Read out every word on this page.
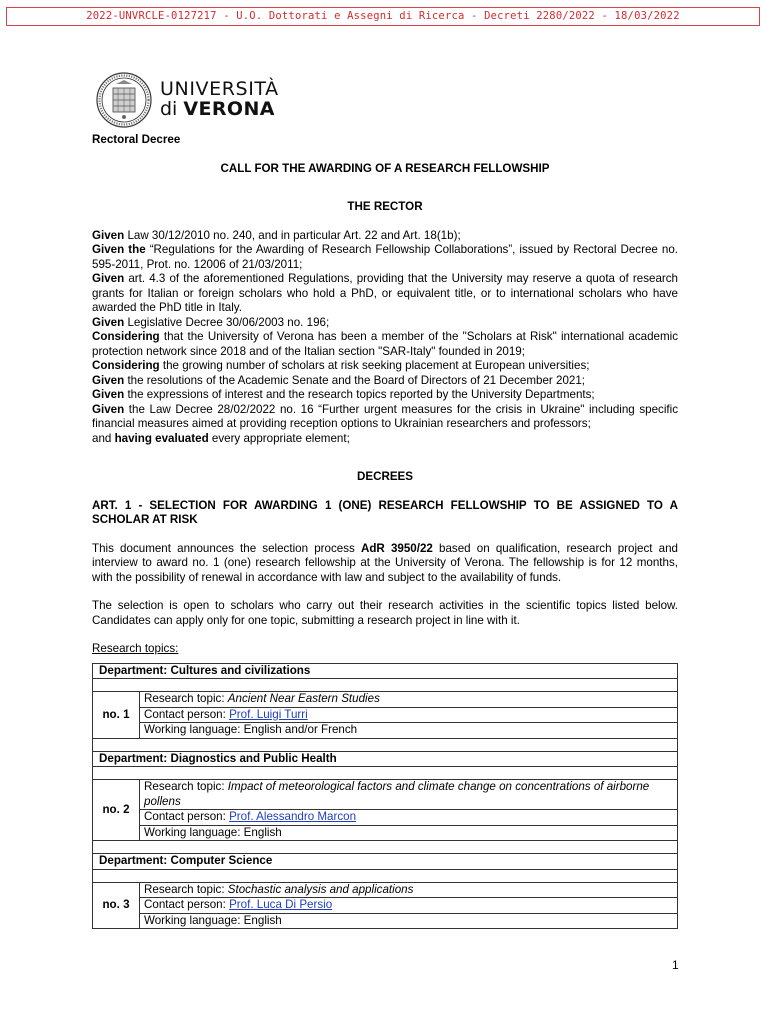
2022-UNVRCLE-0127217 - U.O. Dottorati e Assegni di Ricerca - Decreti 2280/2022 - 18/03/2022
UNIVERSITÀ
di VERONA

Rectoral Decree

CALL FOR THE AWARDING OF A RESEARCH FELLOWSHIP

THE RECTOR

Given Law 30/12/2010 no. 240, and in particular Art. 22 and Art. 18(1b);

Given the “Regulations for the Awarding of Research Fellowship Collaborations”, issued by Rectoral Decree no. 595-2011, Prot. no. 12006 of 21/03/2011;

Given art. 4.3 of the aforementioned Regulations, providing that the University may reserve a quota of research grants for Italian or foreign scholars who hold a PhD, or equivalent title, or to international scholars who have awarded the PhD title in Italy.

Given Legislative Decree 30/06/2003 no. 196;

Considering that the University of Verona has been a member of the "Scholars at Risk" international academic protection network since 2018 and of the Italian section "SAR-Italy" founded in 2019;

Considering the growing number of scholars at risk seeking placement at European universities;

Given the resolutions of the Academic Senate and the Board of Directors of 21 December 2021;

Given the expressions of interest and the research topics reported by the University Departments;

Given the Law Decree 28/02/2022 no. 16 “Further urgent measures for the crisis in Ukraine" including specific financial measures aimed at providing reception options to Ukrainian researchers and professors;

and having evaluated every appropriate element;

DECREES

ART. 1 - SELECTION FOR AWARDING 1 (ONE) RESEARCH FELLOWSHIP TO BE ASSIGNED TO A SCHOLAR AT RISK

This document announces the selection process AdR 3950/22 based on qualification, research project and interview to award no. 1 (one) research fellowship at the University of Verona. The fellowship is for 12 months, with the possibility of renewal in accordance with law and subject to the availability of funds.

The selection is open to scholars who carry out their research activities in the scientific topics listed below. Candidates can apply only for one topic, submitting a research project in line with it.

Research topics:

Department: Cultures and civilizations	

no. 1	Research topic: Ancient Near Eastern Studies
	Contact person: Prof. Luigi Turri
	Working language: English and/or French

Department: Diagnostics and Public Health	

no. 2	Research topic: Impact of meteorological factors and climate change on concentrations of airborne pollens
	Contact person: Prof. Alessandro Marcon
	Working language: English

Department: Computer Science	

no. 3	Research topic: Stochastic analysis and applications
	Contact person: Prof. Luca Di Persio
	Working language: English
1
